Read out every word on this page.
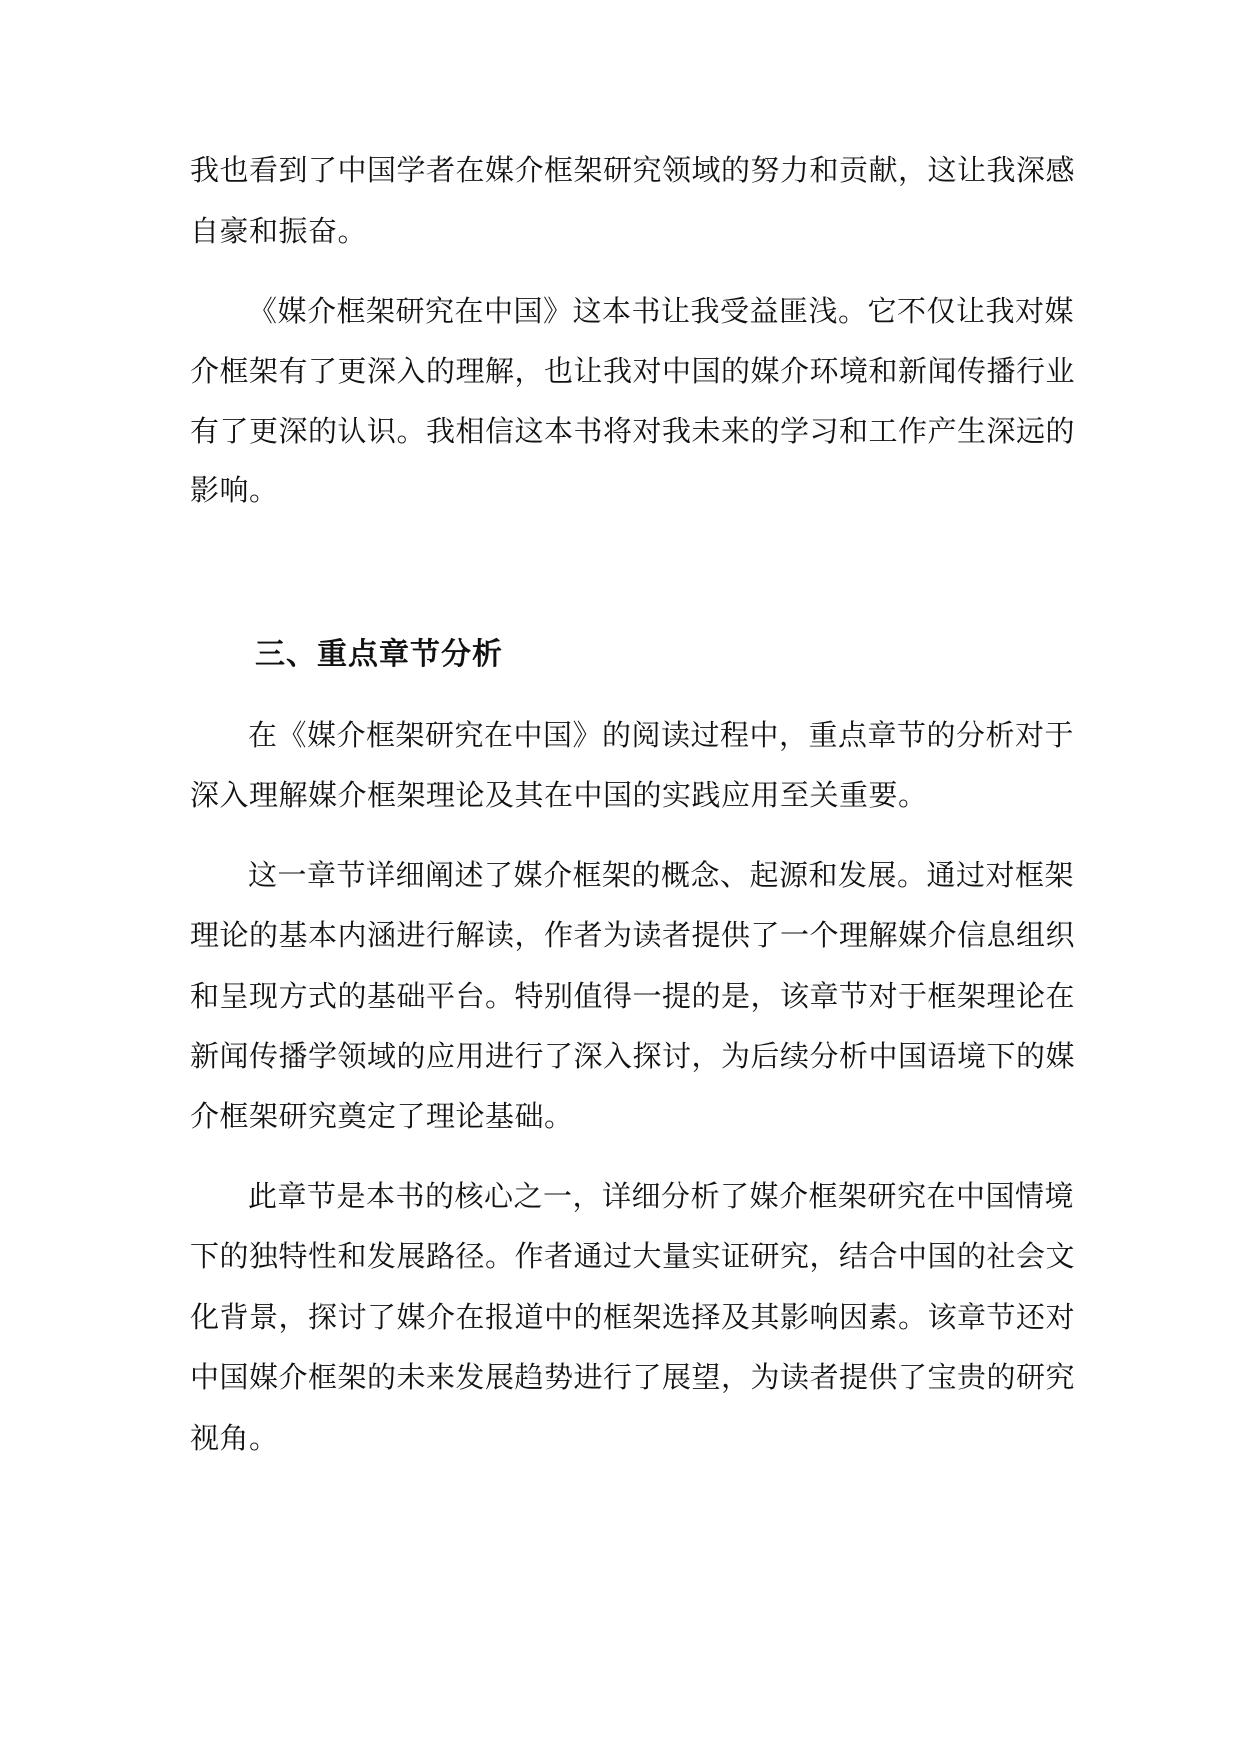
我也看到了中国学者在媒介框架研究领域的努力和贡献，这让我深感
自豪和振奋。
《媒介框架研究在中国》这本书让我受益匪浅。它不仅让我对媒
介框架有了更深入的理解，也让我对中国的媒介环境和新闻传播行业
有了更深的认识。我相信这本书将对我未来的学习和工作产生深远的
影响。
三、重点章节分析
在《媒介框架研究在中国》的阅读过程中，重点章节的分析对于
深入理解媒介框架理论及其在中国的实践应用至关重要。
这一章节详细阐述了媒介框架的概念、起源和发展。通过对框架
理论的基本内涵进行解读，作者为读者提供了一个理解媒介信息组织
和呈现方式的基础平台。特别值得一提的是，该章节对于框架理论在
新闻传播学领域的应用进行了深入探讨，为后续分析中国语境下的媒
介框架研究奠定了理论基础。
此章节是本书的核心之一，详细分析了媒介框架研究在中国情境
下的独特性和发展路径。作者通过大量实证研究，结合中国的社会文
化背景，探讨了媒介在报道中的框架选择及其影响因素。该章节还对
中国媒介框架的未来发展趋势进行了展望，为读者提供了宝贵的研究
视角。
